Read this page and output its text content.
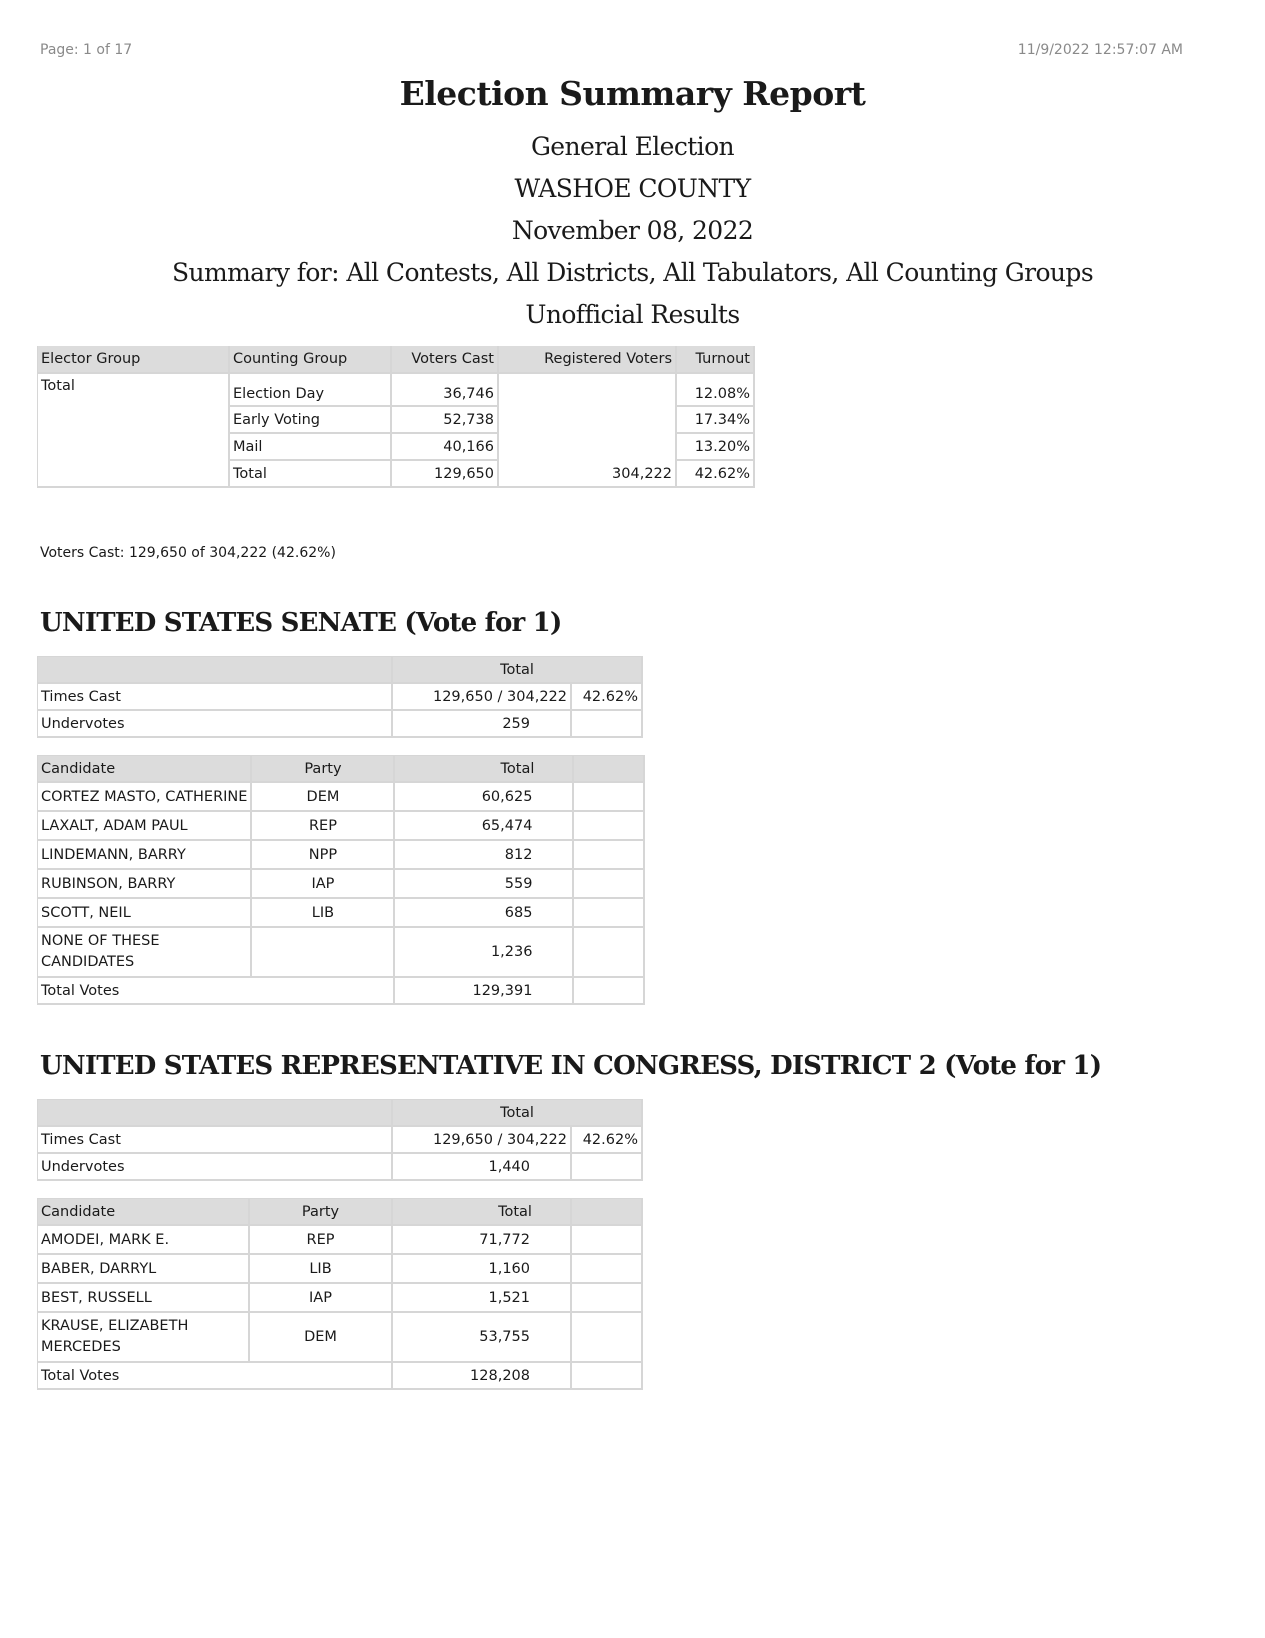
Page: 1 of 17	11/9/2022 12:57:07 AM
Election Summary Report
General Election
WASHOE COUNTY
November 08, 2022
Summary for: All Contests, All Districts, All Tabulators, All Counting Groups
Unofficial Results
Elector Group	Counting Group	Voters Cast	Registered Voters	Turnout
Total	Election Day	36,746		12.08%
	Early Voting	52,738		17.34%
	Mail	40,166		13.20%
	Total	129,650	304,222	42.62%
Voters Cast: 129,650 of 304,222 (42.62%)
UNITED STATES SENATE (Vote for 1)
	Total	
Times Cast	129,650 / 304,222	42.62%
Undervotes	259	
Candidate	Party	Total	
CORTEZ MASTO, CATHERINE	DEM	60,625	
LAXALT, ADAM PAUL	REP	65,474	
LINDEMANN, BARRY	NPP	812	
RUBINSON, BARRY	IAP	559	
SCOTT, NEIL	LIB	685	
NONE OF THESE CANDIDATES		1,236	
Total Votes		129,391	
UNITED STATES REPRESENTATIVE IN CONGRESS, DISTRICT 2 (Vote for 1)
	Total	
Times Cast	129,650 / 304,222	42.62%
Undervotes	1,440	
Candidate	Party	Total	
AMODEI, MARK E.	REP	71,772	
BABER, DARRYL	LIB	1,160	
BEST, RUSSELL	IAP	1,521	
KRAUSE, ELIZABETH MERCEDES	DEM	53,755	
Total Votes		128,208	
